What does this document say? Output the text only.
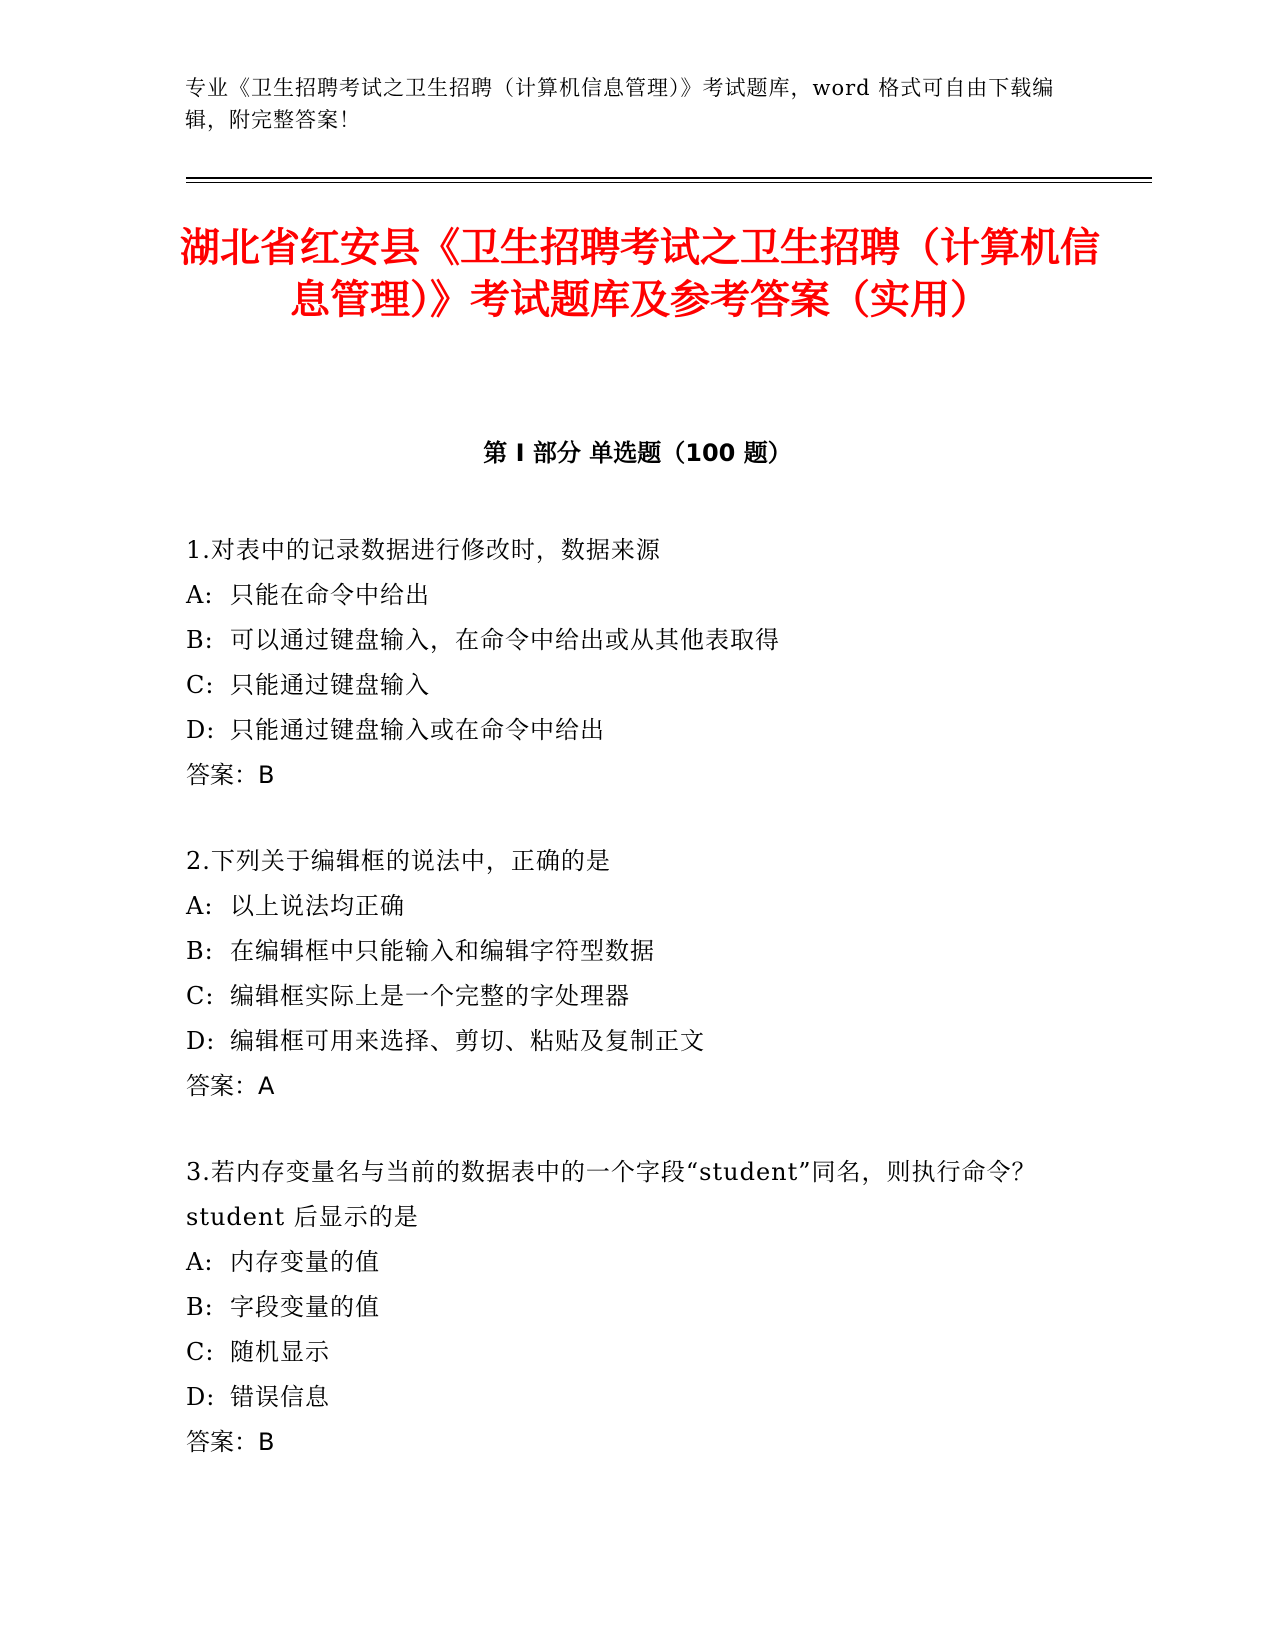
专业《卫生招聘考试之卫生招聘（计算机信息管理）》考试题库，word 格式可自由下载编辑，附完整答案！
湖北省红安县《卫生招聘考试之卫生招聘（计算机信息管理）》考试题库及参考答案（实用）
第 I 部分 单选题（100 题）

1.对表中的记录数据进行修改时，数据来源

A: 只能在命令中给出

B: 可以通过键盘输入，在命令中给出或从其他表取得

C: 只能通过键盘输入

D: 只能通过键盘输入或在命令中给出

答案：B

2.下列关于编辑框的说法中，正确的是

A: 以上说法均正确

B: 在编辑框中只能输入和编辑字符型数据

C: 编辑框实际上是一个完整的字处理器

D: 编辑框可用来选择、剪切、粘贴及复制正文

答案：A

3.若内存变量名与当前的数据表中的一个字段“student”同名，则执行命令？student 后显示的是

A: 内存变量的值

B: 字段变量的值

C: 随机显示

D: 错误信息

答案：B
